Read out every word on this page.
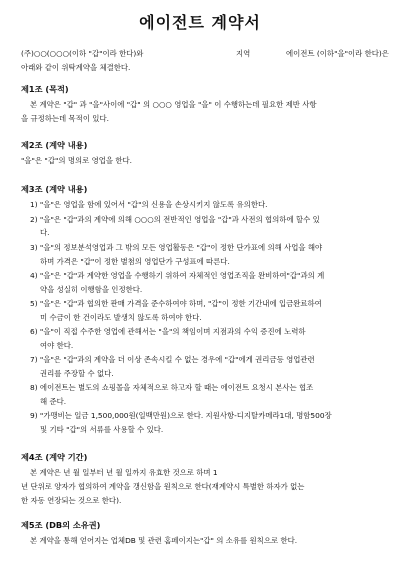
에이전트 계약서
(주)○○(○○○(이하 "갑"이라 한다)와	지역	에이전트 (이하"을"이라 한다)은
아래와 같이 위탁계약을 체결한다.
제1조 (목적)
본 계약은 "갑" 과 "을"사이에 "갑" 의 ○○○ 영업을 "을" 이 수행하는데 필요한 제반 사항
을 규정하는데 목적이 있다.
제2조 (계약 내용)
"을"은 "갑"의 명의로 영업을 한다.
제3조 (계약 내용)
1) "을"은 영업을 함에 있어서 "갑"의 신용을 손상시키지 않도록 유의한다.
2) "을"은 "갑"과의 계약에 의해 ○○○의 전반적인 영업을 "갑"과 사전의 협의하에 할수 있
다.
3) "을"의 정보분석영업과 그 밖의 모든 영업활동은 "갑"이 정한 단가표에 의해 사업을 해야
하며 가격은 "갑"이 정한 별첨의 영업단가 구성표에 따른다.
4) "을"은 "갑"과 계약한 영업을 수행하기 위하여 자체적인 영업조직을 완비하여"갑"과의 계
약을 성실히 이행함을 인정한다.
5) "을"은 "갑"과 협의한 판매 가격을 준수하여야 하며, "갑"이 정한 기간내에 입금완료하여
미 수금이 한 건이라도 발생치 않도록 하여야 한다.
6) "을"이 직접 수주한 영업에 관해서는 "을"의 책임이며 지점과의 수익 증진에 노력하
여야 한다.
7) "을"은 "갑"과의 계약을 더 이상 존속시킬 수 없는 경우에 "갑"에게 권리금등 영업관련
권리를 주장할 수 없다.
8) 에이전트는 별도의 쇼핑몰을 자체적으로 하고자 할 때는 에이전트 요청시 본사는 협조
해 준다.
9) "가맹비는 일금 1,500,000원(일백만원)으로 한다. 지원사항-디지탈카메라1대, 명함500장
및 기타 "갑"의 서류를 사용할 수 있다.
제4조 (계약 기간)
본 계약은 년 월 일부터 년 월 일까지 유효한 것으로 하며 1
년 단위로 양자가 협의하여 계약을 갱신함을 원칙으로 한다(재계약시 특별한 하자가 없는
한 자동 연장되는 것으로 한다).
제5조 (DB의 소유권)
본 계약을 통해 얻어지는 업체DB 및 관련 홈페이지는"갑" 의 소유를 원칙으로 한다.
